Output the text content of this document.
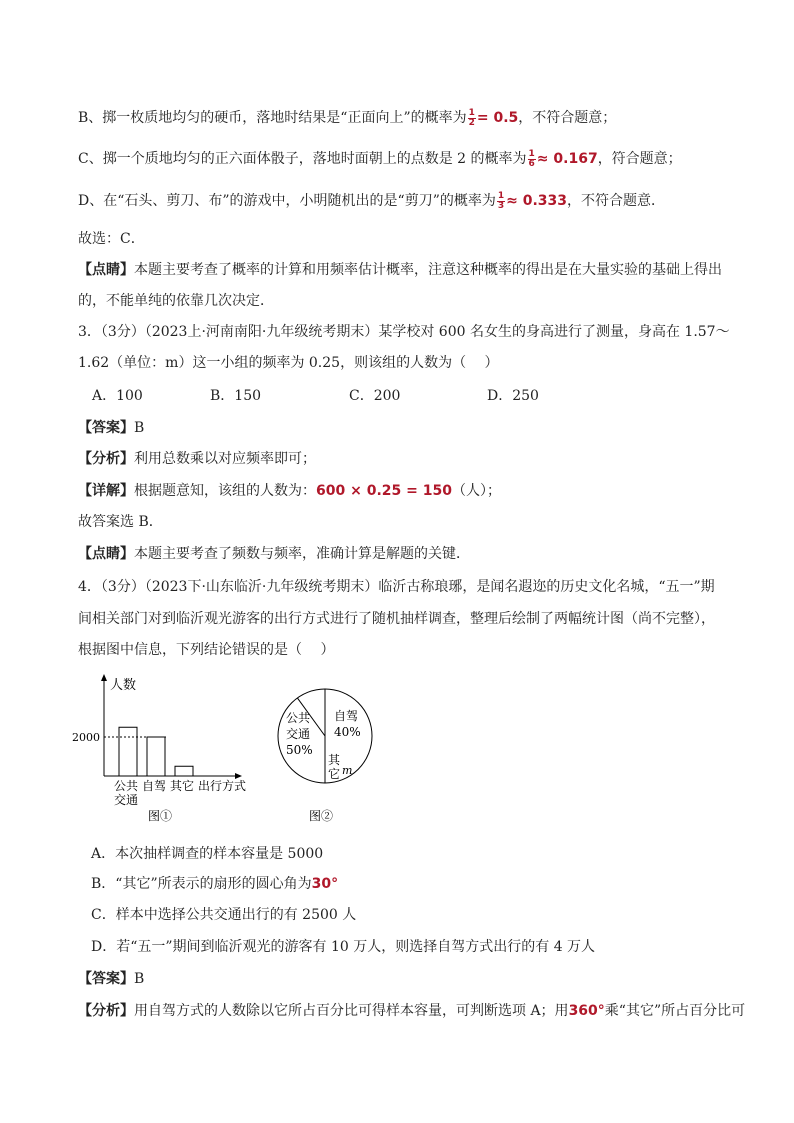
B、掷一枚质地均匀的硬币，落地时结果是“正面向上”的概率为 $\frac{1}{2} = 0.5$，不符合题意；
C、掷一个质地均匀的正六面体骰子，落地时面朝上的点数是 2 的概率为 $\frac{1}{6} \approx 0.167$，符合题意；
D、在“石头、剪刀、布”的游戏中，小明随机出的是“剪刀”的概率为 $\frac{1}{3} \approx 0.333$，不符合题意．
故选：C．
【点睛】本题主要考查了概率的计算和用频率估计概率，注意这种概率的得出是在大量实验的基础上得出
的，不能单纯的依靠几次决定．
3．（3分）（2023上·河南南阳·九年级统考期末）某学校对 600 名女生的身高进行了测量，身高在 1.57～
1.62（单位：m）这一小组的频率为 0.25，则该组的人数为（　 ）
A．100	B．150	C．200	D．250
【答案】B
【分析】利用总数乘以对应频率即可；
【详解】根据题意知，该组的人数为：600 × 0.25 = 150（人）；
故答案选 B．
【点睛】本题主要考查了频数与频率，准确计算是解题的关键．
4．（3分）（2023下·山东临沂·九年级统考期末）临沂古称琅琊，是闻名遐迩的历史文化名城，“五一”期
间相关部门对到临沂观光游客的出行方式进行了随机抽样调查，整理后绘制了两幅统计图（尚不完整），
根据图中信息，下列结论错误的是（　 ）
人数
2000
公共
交通
自驾 其它 出行方式
图①
公共
交通
50%
自驾
40%
其
它 m
图②
A．本次抽样调查的样本容量是 5000
B．“其它”所表示的扇形的圆心角为30°
C．样本中选择公共交通出行的有 2500 人
D．若“五一”期间到临沂观光的游客有 10 万人，则选择自驾方式出行的有 4 万人
【答案】B
【分析】用自驾方式的人数除以它所占百分比可得样本容量，可判断选项 A；用360°乘“其它”所占百分比可
